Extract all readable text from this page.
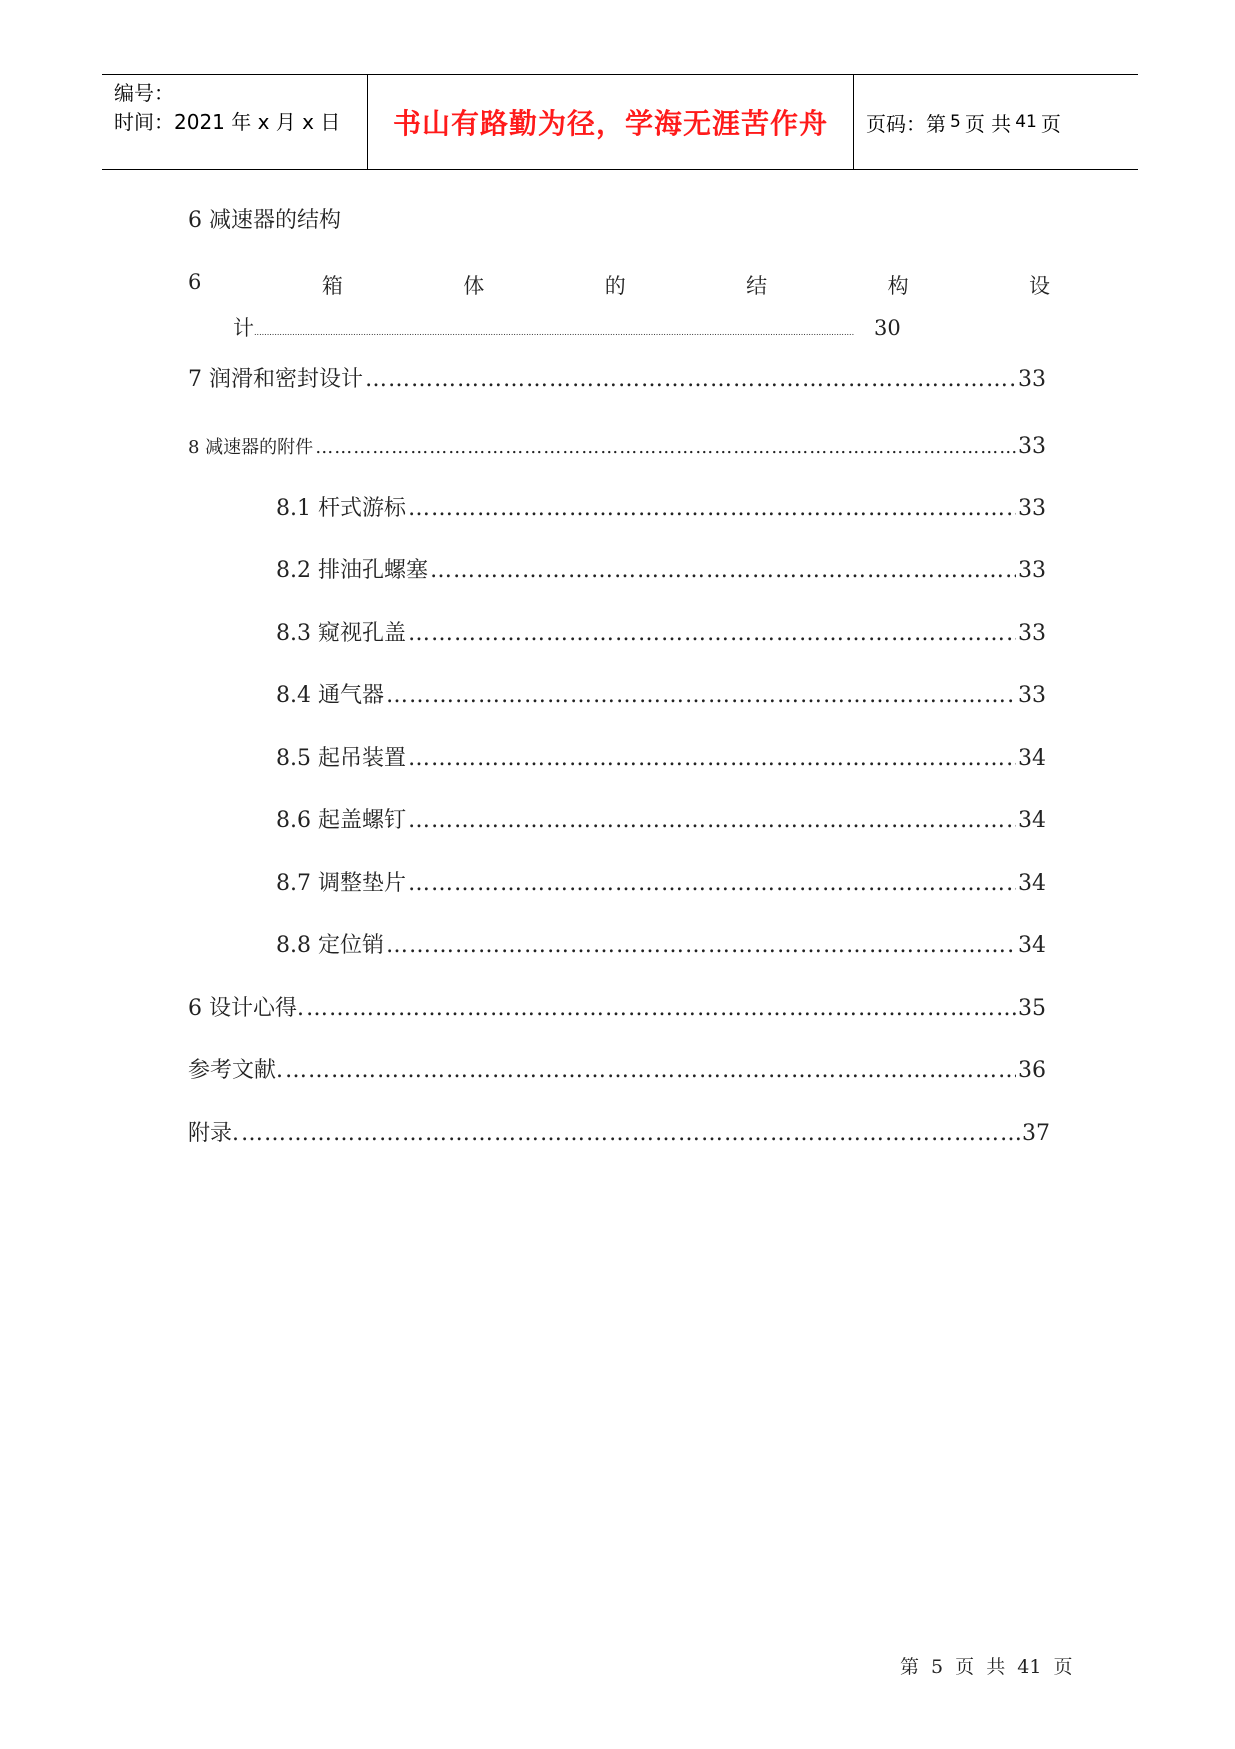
编号：
时间：2021 年 x 月 x 日	书山有路勤为径，学海无涯苦作舟 页码：第 5 页 共 41 页
6 减速器的结构
6	箱	体	的	结	构	设
计 .....	30
7 润滑和密封设计 …………………………………………………………………………………………………………………………………………………………	33
8 减速器的附件 …………………………………………………………………………………………………………………………………………………………	33
8.1 杆式游标 …………………………………………………………………………………………………………………………………………………………	33
8.2 排油孔螺塞 …………………………………………………………………………………………………………………………………………………………	33
8.3 窥视孔盖 …………………………………………………………………………………………………………………………………………………………	33
8.4 通气器 …………………………………………………………………………………………………………………………………………………………	33
8.5 起吊装置 …………………………………………………………………………………………………………………………………………………………	34
8.6 起盖螺钉 …………………………………………………………………………………………………………………………………………………………	34
8.7 调整垫片 …………………………………………………………………………………………………………………………………………………………	34
8.8 定位销 …………………………………………………………………………………………………………………………………………………………	34
6 设计心得. …………………………………………………………………………………………………………………………………………………………	35
参考文献. …………………………………………………………………………………………………………………………………………………………	36
附录. …………………………………………………………………………………………………………………………………………………………	37
第 5 页 共 41 页
